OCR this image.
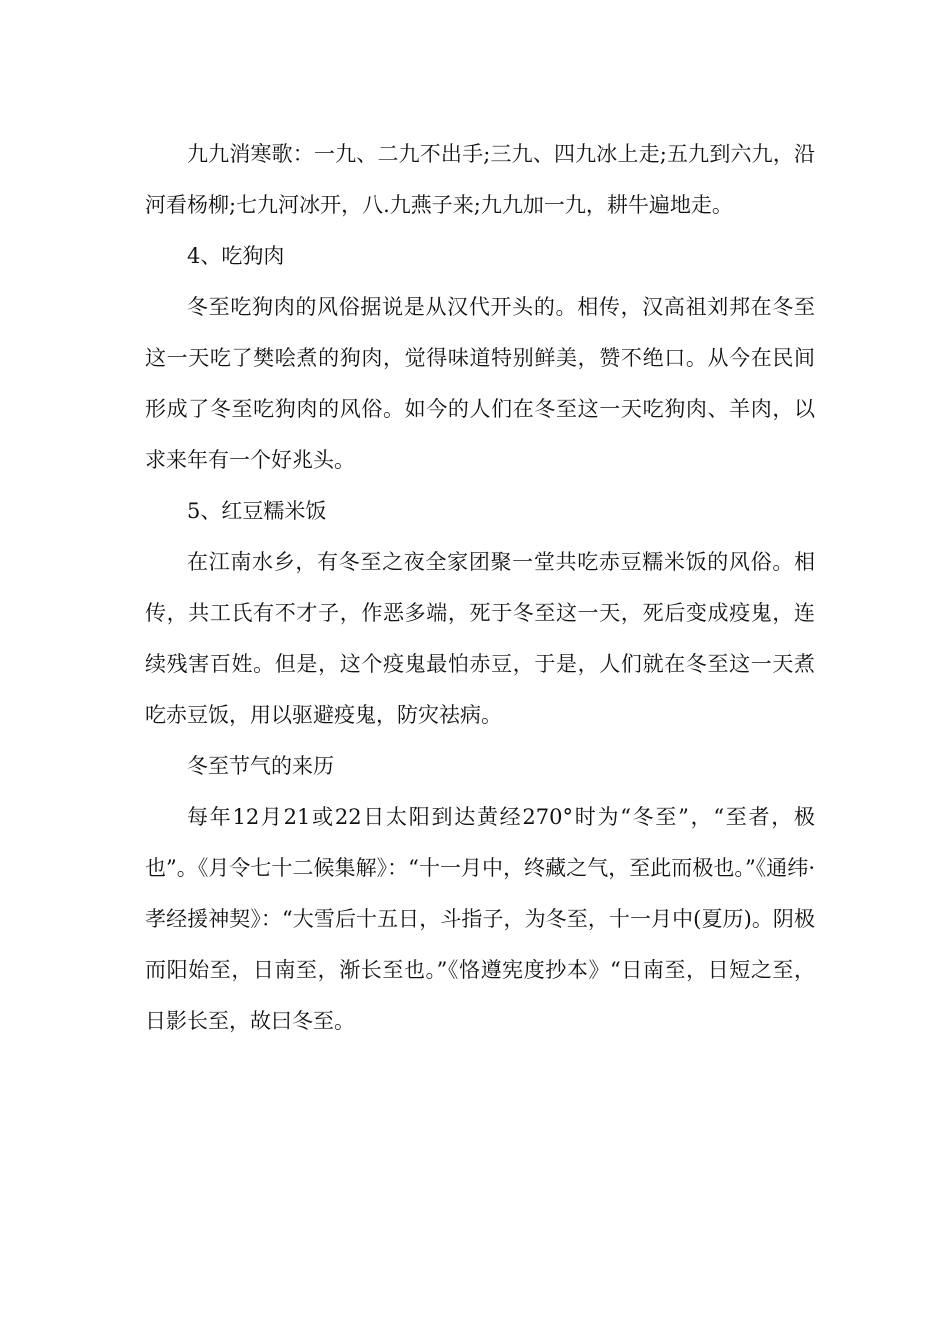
九九消寒歌：一九、二九不出手;三九、四九冰上走;五九到六九，沿河看杨柳;七九河冰开，八.九燕子来;九九加一九，耕牛遍地走。

4、吃狗肉

冬至吃狗肉的风俗据说是从汉代开头的。相传，汉高祖刘邦在冬至这一天吃了樊哙煮的狗肉，觉得味道特别鲜美，赞不绝口。从今在民间形成了冬至吃狗肉的风俗。如今的人们在冬至这一天吃狗肉、羊肉，以求来年有一个好兆头。

5、红豆糯米饭

在江南水乡，有冬至之夜全家团聚一堂共吃赤豆糯米饭的风俗。相传，共工氏有不才子，作恶多端，死于冬至这一天，死后变成疫鬼，连续残害百姓。但是，这个疫鬼最怕赤豆，于是，人们就在冬至这一天煮吃赤豆饭，用以驱避疫鬼，防灾祛病。

冬至节气的来历

每年12月21或22日太阳到达黄经270°时为“冬至”，“至者，极也”。《月令七十二候集解》：“十一月中，终藏之气，至此而极也。”《通纬·孝经援神契》：“大雪后十五日，斗指子，为冬至，十一月中(夏历)。阴极而阳始至，日南至，渐长至也。”《恪遵宪度抄本》“日南至，日短之至，日影长至，故曰冬至。
